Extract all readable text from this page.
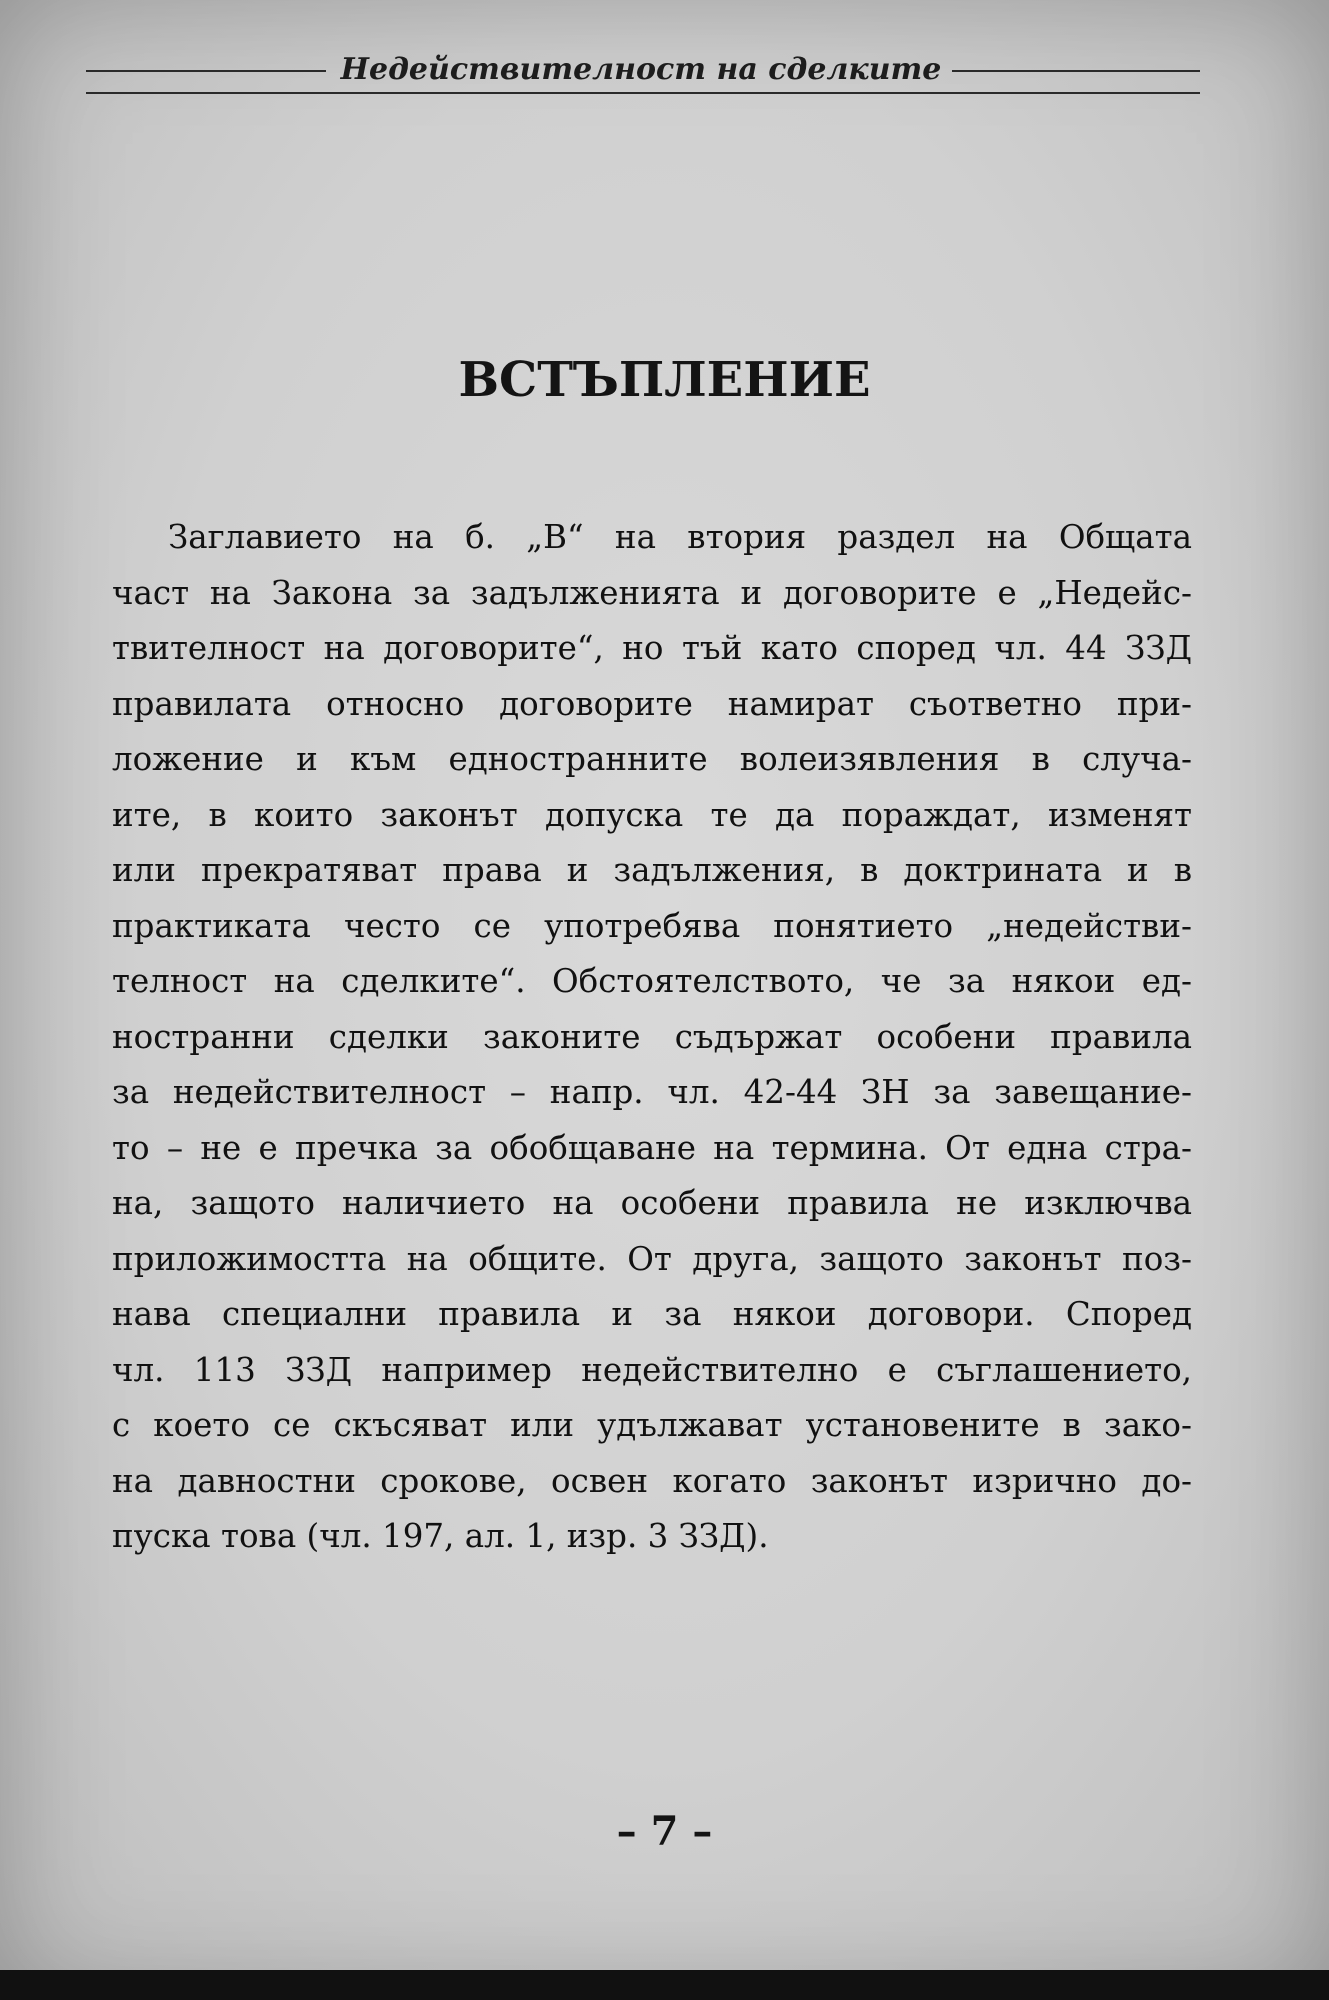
Недействителност на сделките
ВСТЪПЛЕНИЕ
Заглавието на б. „В“ на втория раздел на Общата
част на Закона за задълженията и договорите е „Недейс-
твителност на договорите“, но тъй като според чл. 44 ЗЗД
правилата относно договорите намират съответно при-
ложение и към едностранните волеизявления в случа-
ите, в които законът допуска те да пораждат, изменят
или прекратяват права и задължения, в доктрината и в
практиката често се употребява понятието „недействи-
телност на сделките“. Обстоятелството, че за някои ед-
ностранни сделки законите съдържат особени правила
за недействителност – напр. чл. 42-44 ЗН за завещание-
то – не е пречка за обобщаване на термина. От една стра-
на, защото наличието на особени правила не изключва
приложимостта на общите. От друга, защото законът поз-
нава специални правила и за някои договори. Според
чл. 113 ЗЗД например недействително е съглашението,
с което се скъсяват или удължават установените в зако-
на давностни срокове, освен когато законът изрично до-
пуска това (чл. 197, ал. 1, изр. 3 ЗЗД).
– 7 –
